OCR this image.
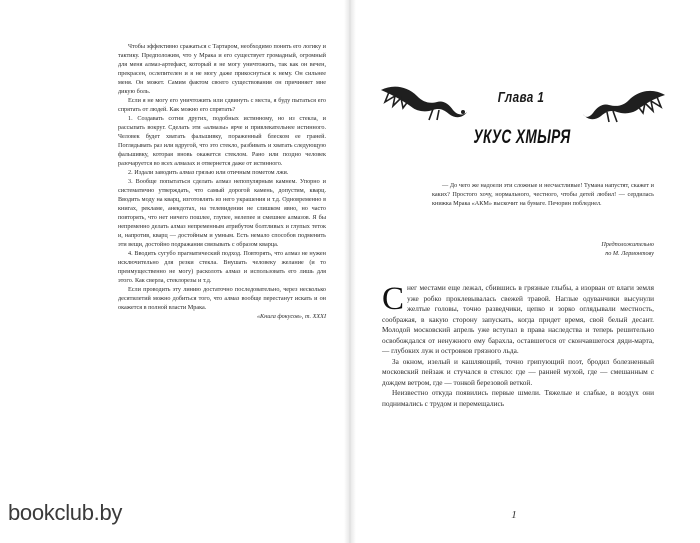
Чтобы эффективно сражаться с Тартаром, необходимо понять его логику и тактику. Предположим, что у Мрака и его существует громадный, огромный для меня алмаз-артефакт, который я не могу уничтожить, так как он вечен, прекрасен, ослепителен и я не могу даже прикоснуться к нему. Он сильнее меня. Он может. Самим фактом своего существования он причиняет мне дикую боль.

Если я не могу его уничтожить или сдвинуть с места, я буду пытаться его спрятать от людей. Как можно его спрятать?

1. Создавать сотни других, подобных истинному, но из стекла, и рассыпать вокруг. Сделать эти «алмазы» ярче и привлекательнее истинного. Человек будет хватать фальшивку, пораженный блеском ее граней. Поглядывать раз или вдругой, что это стекло, разбивать и хватать следующую фальшивку, которая вновь окажется стеклом. Рано или поздно человек разочаруется во всех алмазах и отвернется даже от истинного.

2. Издали заводить алмаз грязью или отичным пометом лжи.

3. Вообще попытаться сделать алмаз непопулярным камнем. Упорно и систематично утверждать, что самый дорогой камень, допустим, кварц. Вводить моду на кварц, изготовлять из него украшения и т.д. Одновременно в книгах, рекламе, анекдотах, на телевидении не слишком явно, но часто повторять, что нет ничего пошлее, глупее, нелепее и смешнее алмазов. Я бы непременно делать алмаз непременным атрибутом болтливых и глупых теток и, напротив, кварц — достойным и умным. Есть немало способов подменить эти вещи, достойно подражания связывать с образом кварца.

4. Вводить сугубо прагматический подход. Повторять, что алмаз не нужен исключительно для резки стекла. Внушать человеку желание (и то преимущественно не могу) расколоть алмаз и использовать его лишь для этого. Как сверла, стеклорезы и т.д.

Если проводить эту линию достаточно последовательно, через несколько десятилетий можно добиться того, что алмаз вообще перестанут искать и он окажется в полной власти Мрака.

«Книга фокусов», т. XXXI

Глава 1
УКУС ХМЫРЯ

— До чего же надоели эти сложные и несчастливые! Тумана напустят, скажет и каких? Простого хочу, нормального, честного, чтобы детей любил! — сердилась книжка Мрака «АКМ» выскочит на бумаге. Печорин побледнел.

Предположительно
по М. Лермонтову

Снег местами еще лежал, сбившись в грязные глыбы, а изорван от влаги земля уже робко проклевывалась свежей травой. Наглые одуванчики высунули желтые головы, точно разведчики, цепко и зорко оглядывали местность, соображая, в какую сторону запускать, когда придет время, свой белый десант. Молодой московский апрель уже вступал в права наследства и теперь решительно освобождался от ненужного ему барахла, оставшегося от скончавшегося дяди-марта, — глубоких луж и островков грязного льда.

За окном, изелый и кашляющий, точно грипующий поэт, бродил болезненный московский пейзаж и стучался в стекло: где — ранней мухой, где — смешанным с дождем ветром, где — тонкой березовой веткой.

Неизвестно откуда появились первые шмели. Тяжелые и слабые, в воздух они поднимались с трудом и перемещались

1
bookclub.by
